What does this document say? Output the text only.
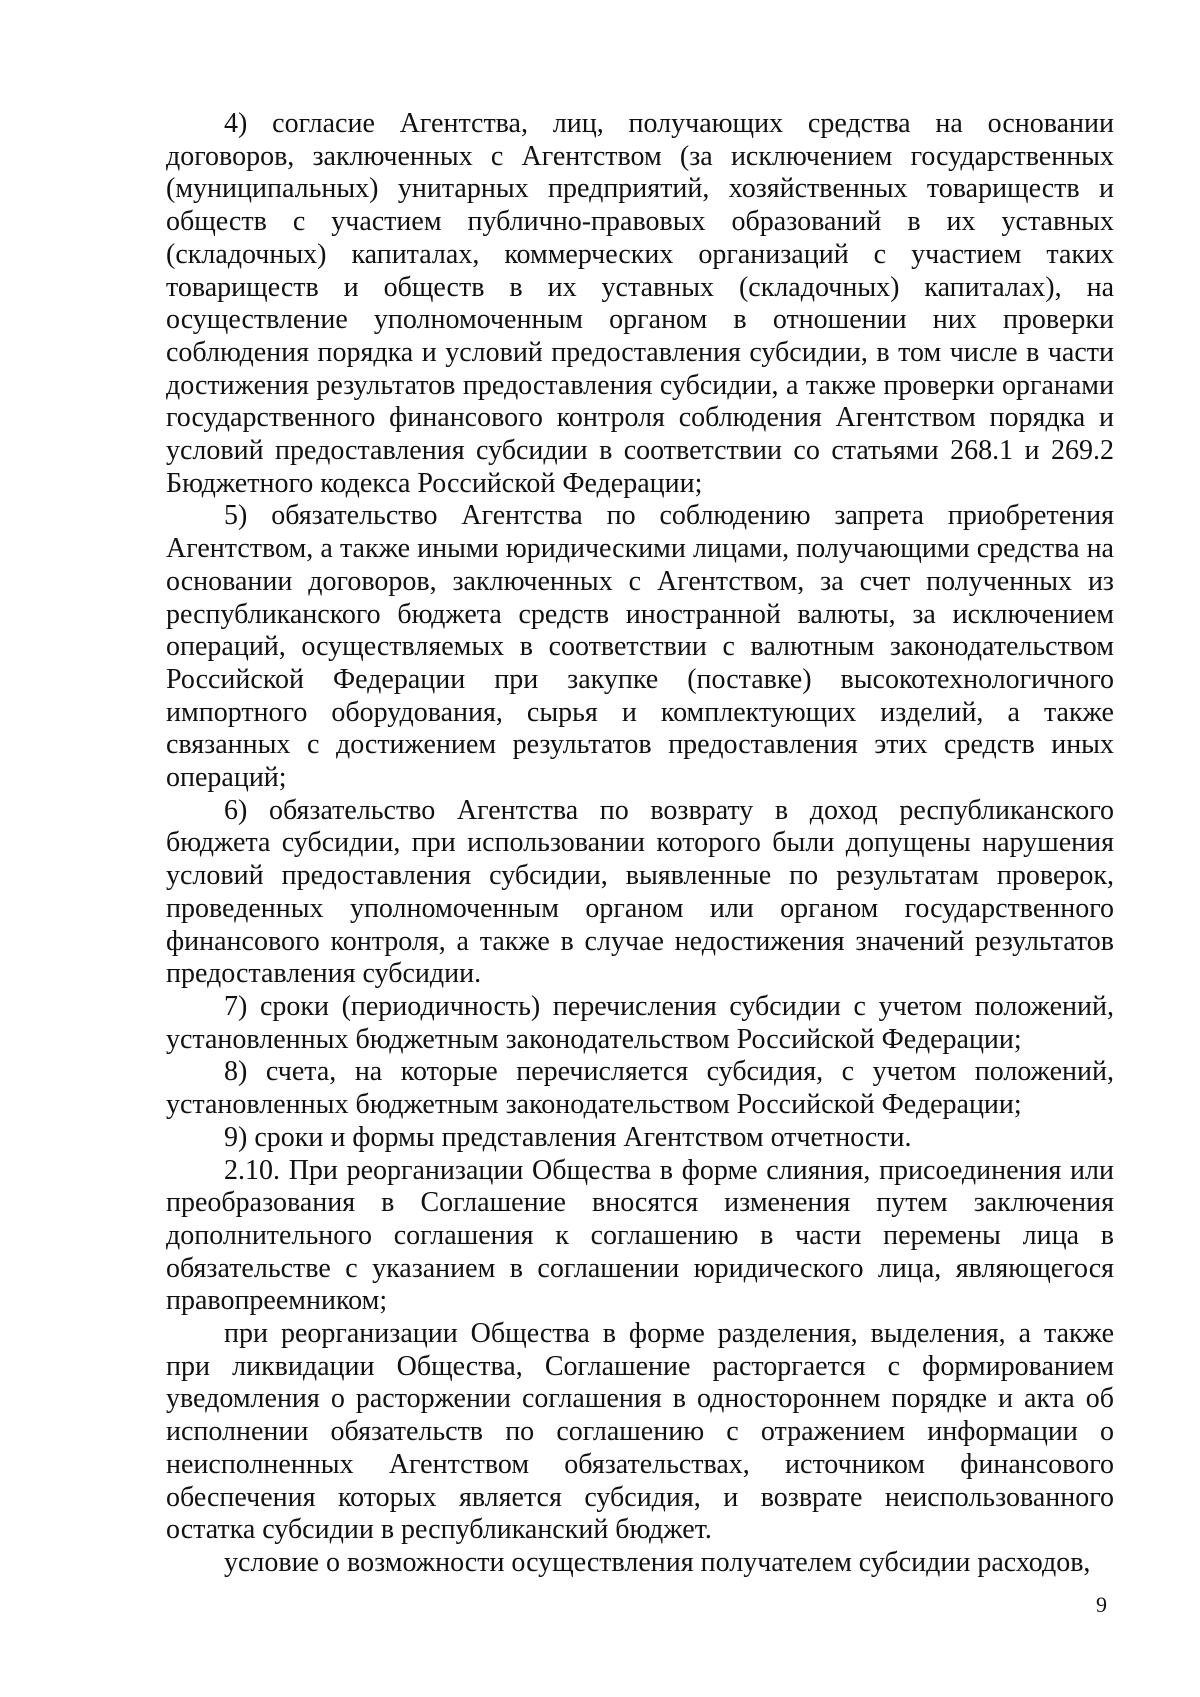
4) согласие Агентства, лиц, получающих средства на основании договоров, заключенных с Агентством (за исключением государственных (муниципальных) унитарных предприятий, хозяйственных товариществ и обществ с участием публично-правовых образований в их уставных (складочных) капиталах, коммерческих организаций с участием таких товариществ и обществ в их уставных (складочных) капиталах), на осуществление уполномоченным органом в отношении них проверки соблюдения порядка и условий предоставления субсидии, в том числе в части достижения результатов предоставления субсидии, а также проверки органами государственного финансового контроля соблюдения Агентством порядка и условий предоставления субсидии в соответствии со статьями 268.1 и 269.2 Бюджетного кодекса Российской Федерации;

5) обязательство Агентства по соблюдению запрета приобретения Агентством, а также иными юридическими лицами, получающими средства на основании договоров, заключенных с Агентством, за счет полученных из республиканского бюджета средств иностранной валюты, за исключением операций, осуществляемых в соответствии с валютным законодательством Российской Федерации при закупке (поставке) высокотехнологичного импортного оборудования, сырья и комплектующих изделий, а также связанных с достижением результатов предоставления этих средств иных операций;

6) обязательство Агентства по возврату в доход республиканского бюджета субсидии, при использовании которого были допущены нарушения условий предоставления субсидии, выявленные по результатам проверок, проведенных уполномоченным органом или органом государственного финансового контроля, а также в случае недостижения значений результатов предоставления субсидии.

7) сроки (периодичность) перечисления субсидии с учетом положений, установленных бюджетным законодательством Российской Федерации;

8) счета, на которые перечисляется субсидия, с учетом положений, установленных бюджетным законодательством Российской Федерации;

9) сроки и формы представления Агентством отчетности.

2.10. При реорганизации Общества в форме слияния, присоединения или преобразования в Соглашение вносятся изменения путем заключения дополнительного соглашения к соглашению в части перемены лица в обязательстве с указанием в соглашении юридического лица, являющегося правопреемником;

при реорганизации Общества в форме разделения, выделения, а также при ликвидации Общества, Соглашение расторгается с формированием уведомления о расторжении соглашения в одностороннем порядке и акта об исполнении обязательств по соглашению с отражением информации о неисполненных Агентством обязательствах, источником финансового обеспечения которых является субсидия, и возврате неиспользованного остатка субсидии в республиканский бюджет.

условие о возможности осуществления получателем субсидии расходов,

9
